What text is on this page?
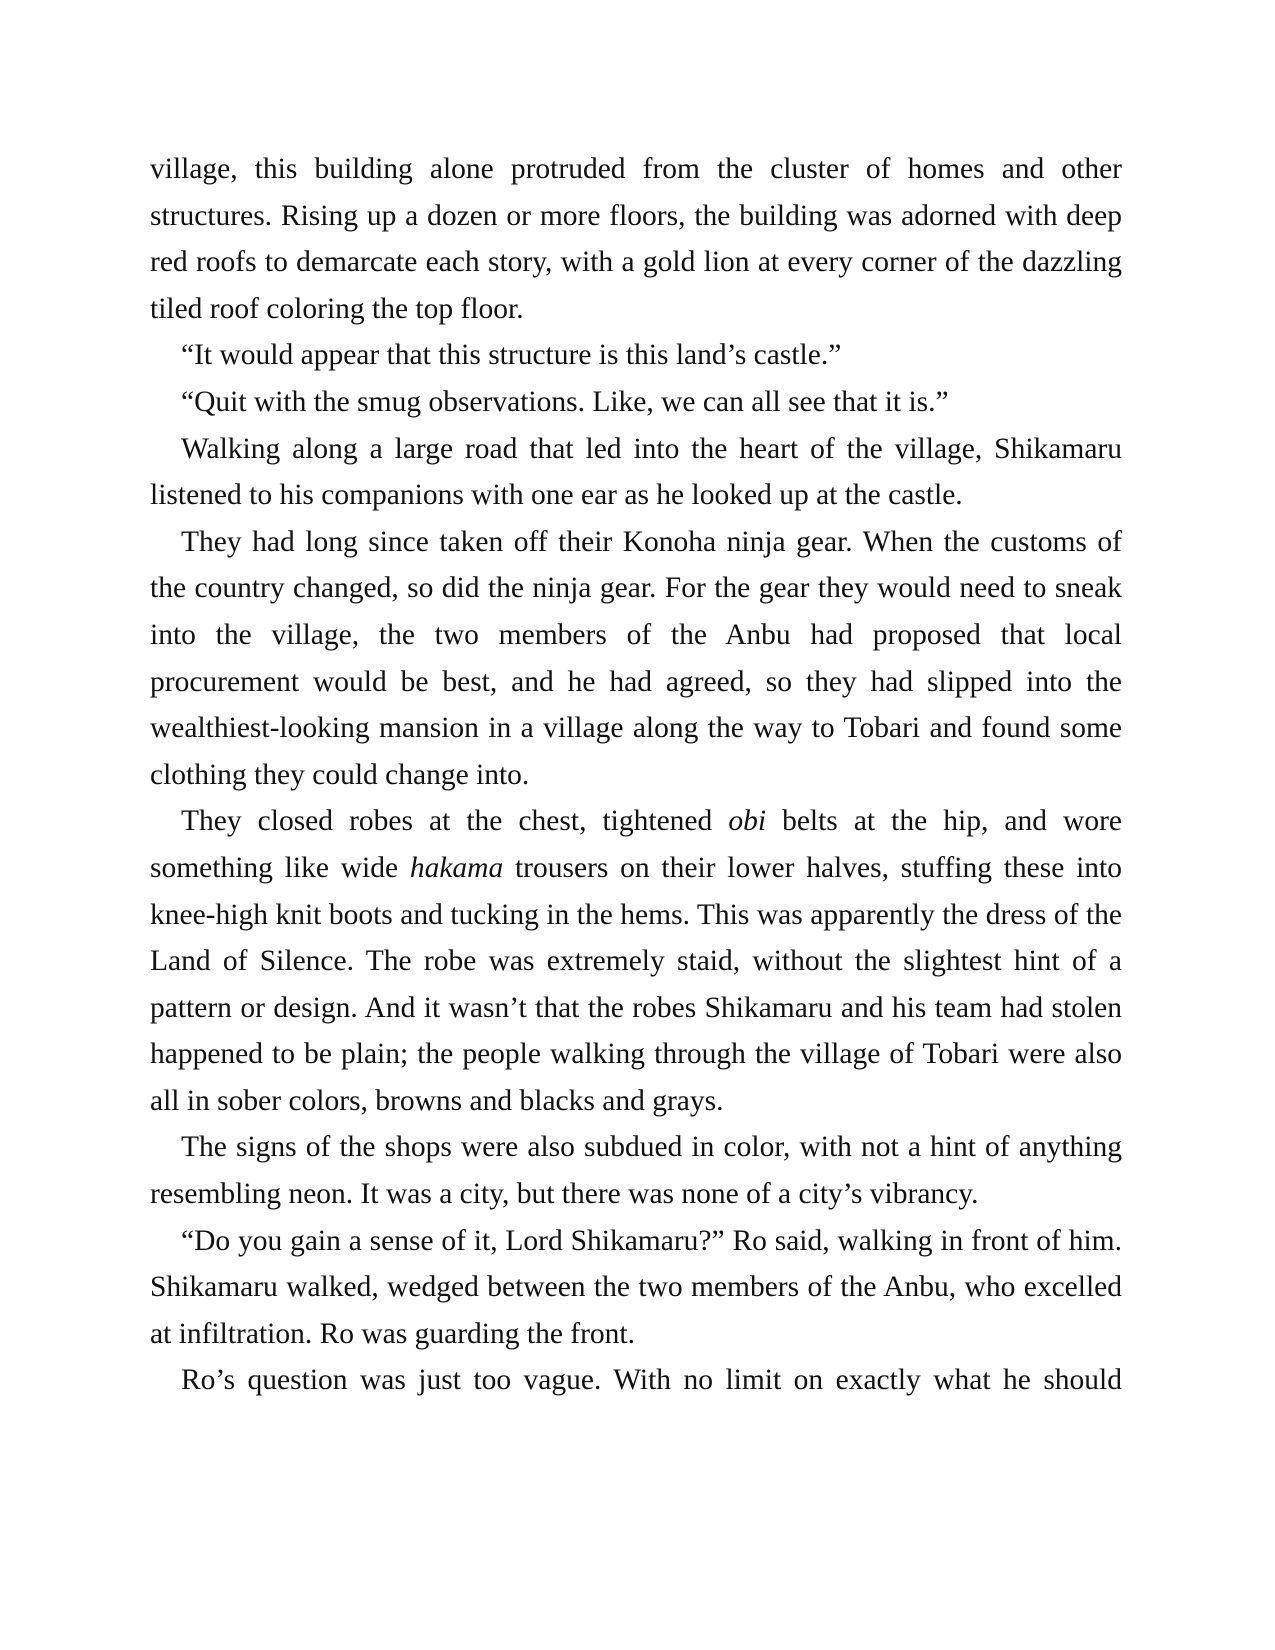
village, this building alone protruded from the cluster of homes and other structures. Rising up a dozen or more floors, the building was adorned with deep red roofs to demarcate each story, with a gold lion at every corner of the dazzling tiled roof coloring the top floor.

“It would appear that this structure is this land’s castle.”

“Quit with the smug observations. Like, we can all see that it is.”

Walking along a large road that led into the heart of the village, Shikamaru listened to his companions with one ear as he looked up at the castle.

They had long since taken off their Konoha ninja gear. When the customs of the country changed, so did the ninja gear. For the gear they would need to sneak into the village, the two members of the Anbu had proposed that local procurement would be best, and he had agreed, so they had slipped into the wealthiest-looking mansion in a village along the way to Tobari and found some clothing they could change into.

They closed robes at the chest, tightened obi belts at the hip, and wore something like wide hakama trousers on their lower halves, stuffing these into knee-high knit boots and tucking in the hems. This was apparently the dress of the Land of Silence. The robe was extremely staid, without the slightest hint of a pattern or design. And it wasn’t that the robes Shikamaru and his team had stolen happened to be plain; the people walking through the village of Tobari were also all in sober colors, browns and blacks and grays.

The signs of the shops were also subdued in color, with not a hint of anything resembling neon. It was a city, but there was none of a city’s vibrancy.

“Do you gain a sense of it, Lord Shikamaru?” Ro said, walking in front of him. Shikamaru walked, wedged between the two members of the Anbu, who excelled at infiltration. Ro was guarding the front.

Ro’s question was just too vague. With no limit on exactly what he should
